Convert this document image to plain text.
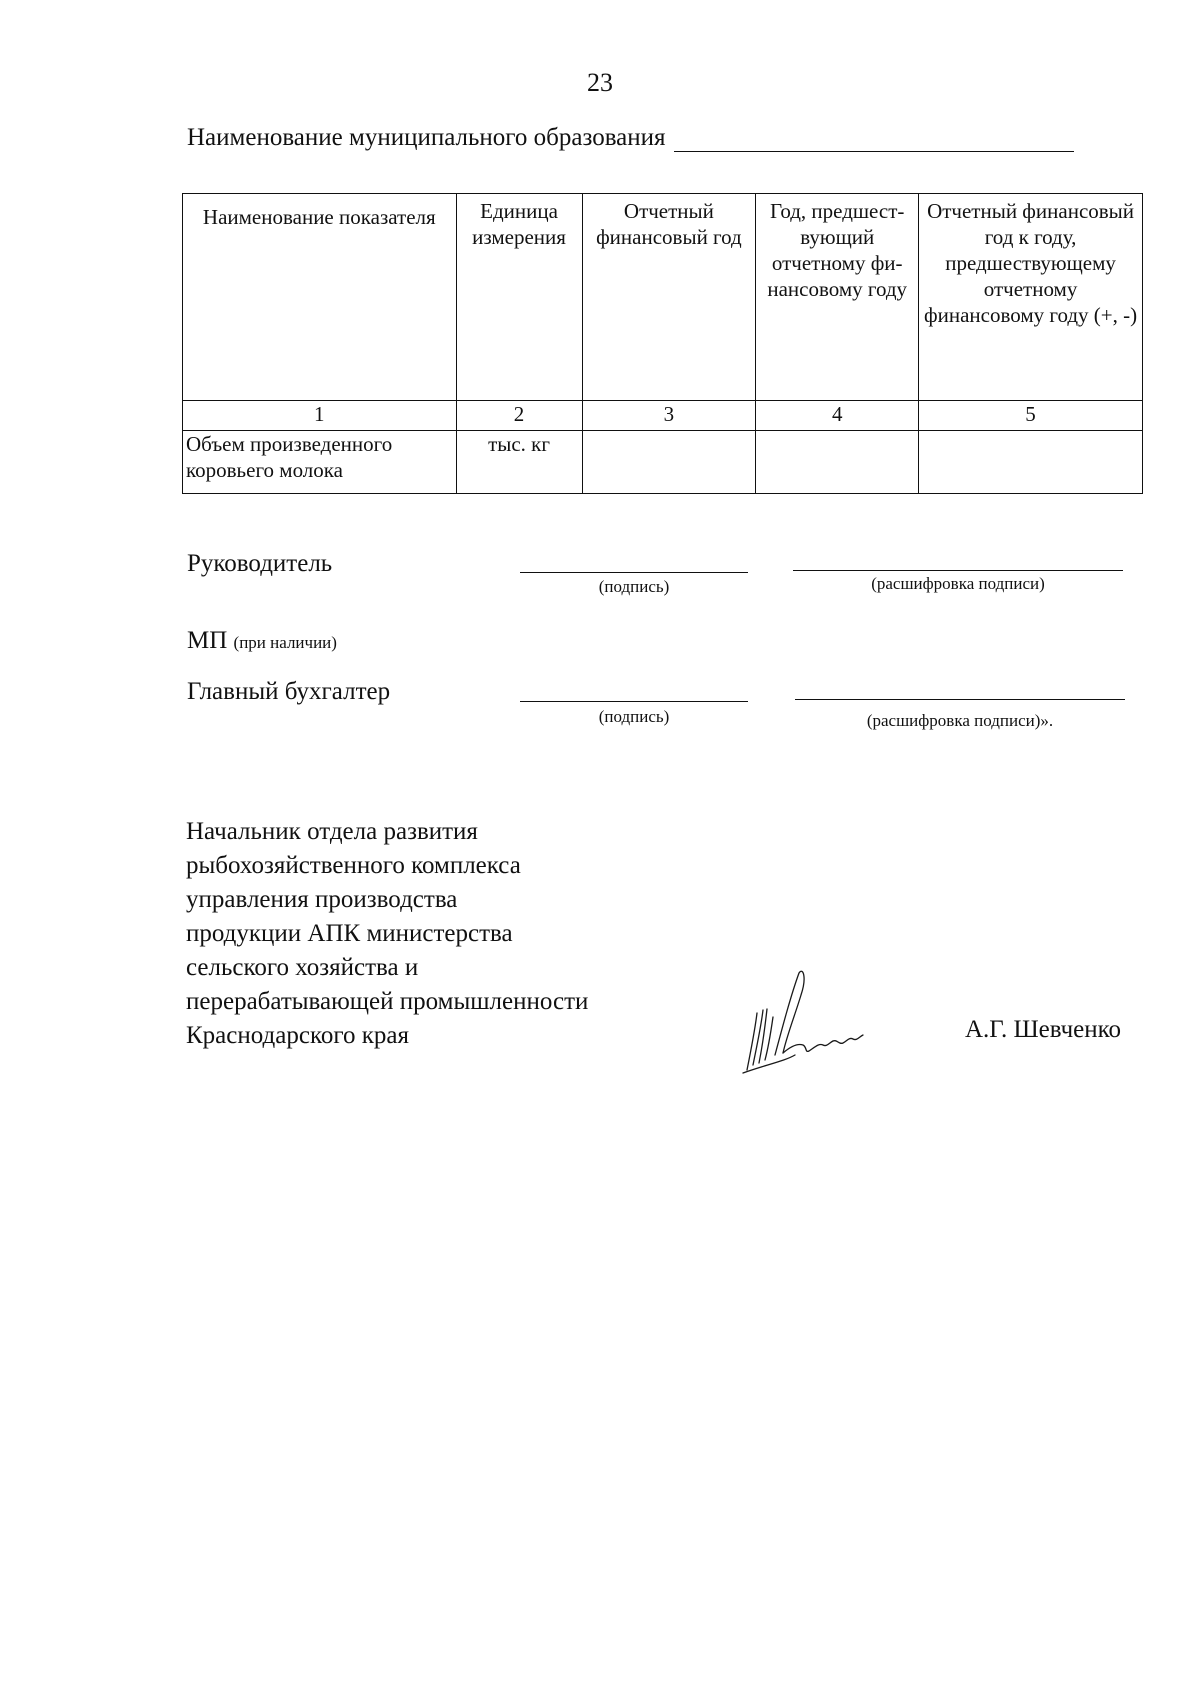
23
Наименование муниципального образования
Наименование показателя	Единица измерения	Отчетный финансовый год	Год, предшест-вующий отчетному фи-нансовому году	Отчетный финансовый год к году, предшествующему отчетному финансовому году (+, -)
1	2	3	4	5

Объем произведенного
коровьего молока	тыс. кг			
Руководитель
(подпись)	(расшифровка подписи)
МП (при наличии)
Главный бухгалтер
(подпись)	(расшифровка подписи)».
Начальник отдела развития
рыбохозяйственного комплекса
управления производства
продукции АПК министерства
сельского хозяйства и
перерабатывающей промышленности
Краснодарского края	А.Г. Шевченко
